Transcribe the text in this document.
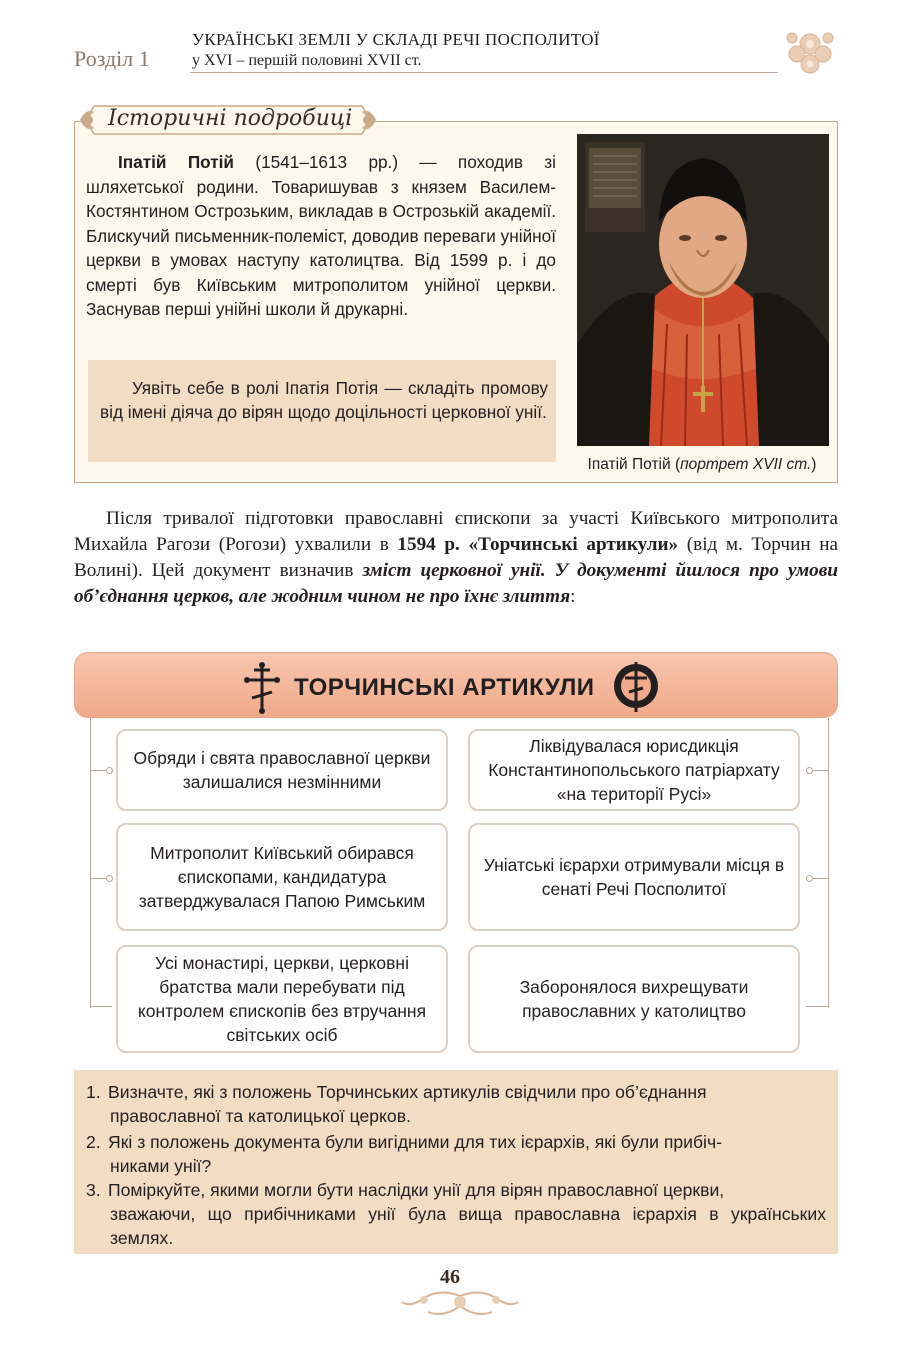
Розділ 1
УКРАЇНСЬКІ ЗЕМЛІ У СКЛАДІ РЕЧІ ПОСПОЛИТОЇ
у XVI – першій половині XVII ст.
Історичні подробиці

Іпатій Потій (1541–1613 рр.) — походив зі шляхетської родини. Товаришував з князем Василем-Костянтином Острозьким, викладав в Острозькій академії. Блискучий письменник-полеміст, доводив переваги унійної церкви в умовах наступу католицтва. Від 1599 р. і до смерті був Київським митрополитом унійної церкви. Заснував перші унійні школи й друкарні.

Уявіть себе в ролі Іпатія Потія — складіть промову від імені діяча до вірян щодо доцільності церковної унії.

Іпатій Потій (портрет XVII ст.)

Після тривалої підготовки православні єпископи за участі Київського митрополита Михайла Рагози (Рогози) ухвалили в 1594 р. «Торчинські артикули» (від м. Торчин на Волині). Цей документ визначив зміст церковної унії. У документі йшлося про умови об’єднання церков, але жодним чином не про їхнє злиття:

ТОРЧИНСЬКІ АРТИКУЛИ
Обряди і свята православної церкви залишалися незмінними
Митрополит Київський обирався єпископами, кандидатура затверджувалася Папою Римським
Усі монастирі, церкви, церковні братства мали перебувати під контролем єпископів без втручання світських осіб
Ліквідувалася юрисдикція Константинопольського патріархату «на території Русі»
Уніатські ієрархи отримували місця в сенаті Речі Посполитої
Заборонялося вихрещувати православних у католицтво
1. Визначте, які з положень Торчинських артикулів свідчили про об’єднання
православної та католицької церков.
2. Які з положень документа були вигідними для тих ієрархів, які були прибіч-
никами унії?
3. Поміркуйте, якими могли бути наслідки унії для вірян православної церкви,
зважаючи, що прибічниками унії була вища православна ієрархія в українських землях.
46
